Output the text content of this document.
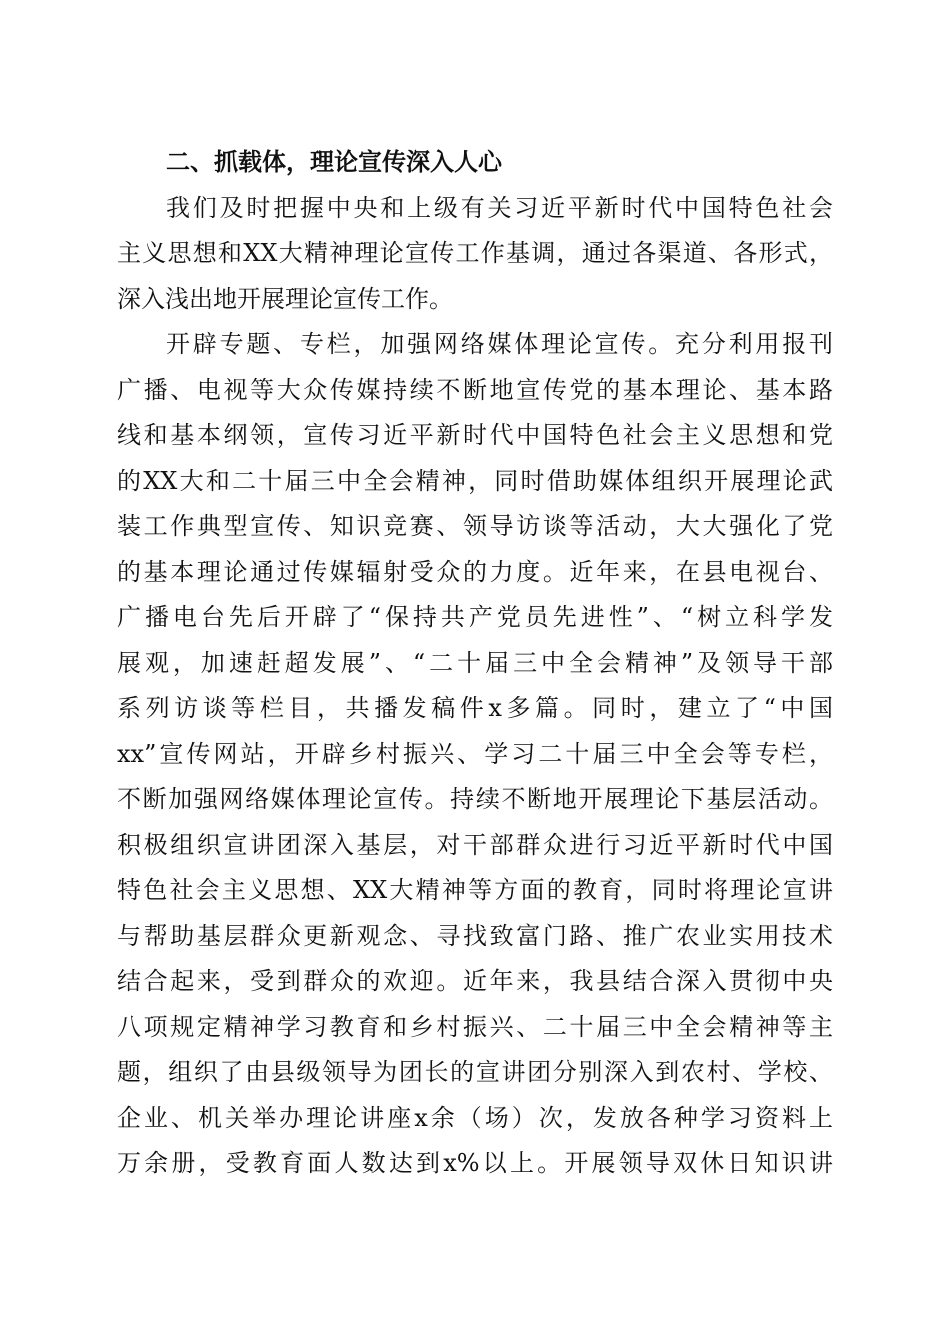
二、抓载体，理论宣传深入人心
我们及时把握中央和上级有关习近平新时代中国特色社会
主义思想和XX大精神理论宣传工作基调，通过各渠道、各形式，
深入浅出地开展理论宣传工作。
开辟专题、专栏，加强网络媒体理论宣传。充分利用报刊
广播、电视等大众传媒持续不断地宣传党的基本理论、基本路
线和基本纲领，宣传习近平新时代中国特色社会主义思想和党
的XX大和二十届三中全会精神，同时借助媒体组织开展理论武
装工作典型宣传、知识竞赛、领导访谈等活动，大大强化了党
的基本理论通过传媒辐射受众的力度。近年来，在县电视台、
广播电台先后开辟了“保持共产党员先进性”、“树立科学发
展观，加速赶超发展”、“二十届三中全会精神”及领导干部
系列访谈等栏目，共播发稿件x多篇。同时，建立了“中国
xx”宣传网站，开辟乡村振兴、学习二十届三中全会等专栏，
不断加强网络媒体理论宣传。持续不断地开展理论下基层活动。
积极组织宣讲团深入基层，对干部群众进行习近平新时代中国
特色社会主义思想、XX大精神等方面的教育，同时将理论宣讲
与帮助基层群众更新观念、寻找致富门路、推广农业实用技术
结合起来，受到群众的欢迎。近年来，我县结合深入贯彻中央
八项规定精神学习教育和乡村振兴、二十届三中全会精神等主
题，组织了由县级领导为团长的宣讲团分别深入到农村、学校、
企业、机关举办理论讲座x余（场）次，发放各种学习资料上
万余册，受教育面人数达到x%以上。开展领导双休日知识讲
